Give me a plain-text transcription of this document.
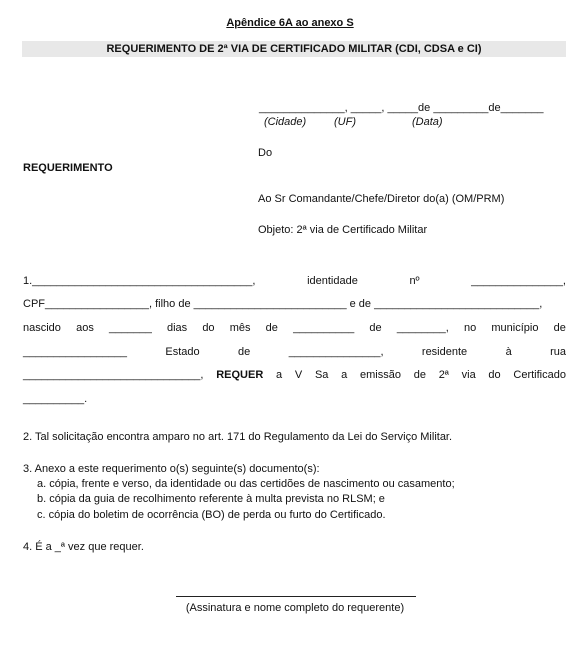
Apêndice 6A ao anexo S
REQUERIMENTO DE 2ª VIA DE CERTIFICADO MILITAR (CDI, CDSA e CI)
______________, _____, _____de _________de_______
(Cidade)	(UF)	(Data)
Do
REQUERIMENTO
Ao Sr Comandante/Chefe/Diretor do(a) (OM/PRM)
Objeto: 2ª via de Certificado Militar
1.____________________________________,	identidade	nº	_______________,
CPF_________________, filho de _________________________ e de ___________________________,
nascido aos _______ dias do mês de __________ de ________, no município de
_________________	Estado	de	_______________,	residente	à	rua
_____________________________, REQUER a V Sa a emissão de 2ª via do Certificado
__________.
2. Tal solicitação encontra amparo no art. 171 do Regulamento da Lei do Serviço Militar.
3. Anexo a este requerimento o(s) seguinte(s) documento(s):
a. cópia, frente e verso, da identidade ou das certidões de nascimento ou casamento;
b. cópia da guia de recolhimento referente à multa prevista no RLSM; e
c. cópia do boletim de ocorrência (BO) de perda ou furto do Certificado.
4. É a _ª vez que requer.
(Assinatura e nome completo do requerente)
